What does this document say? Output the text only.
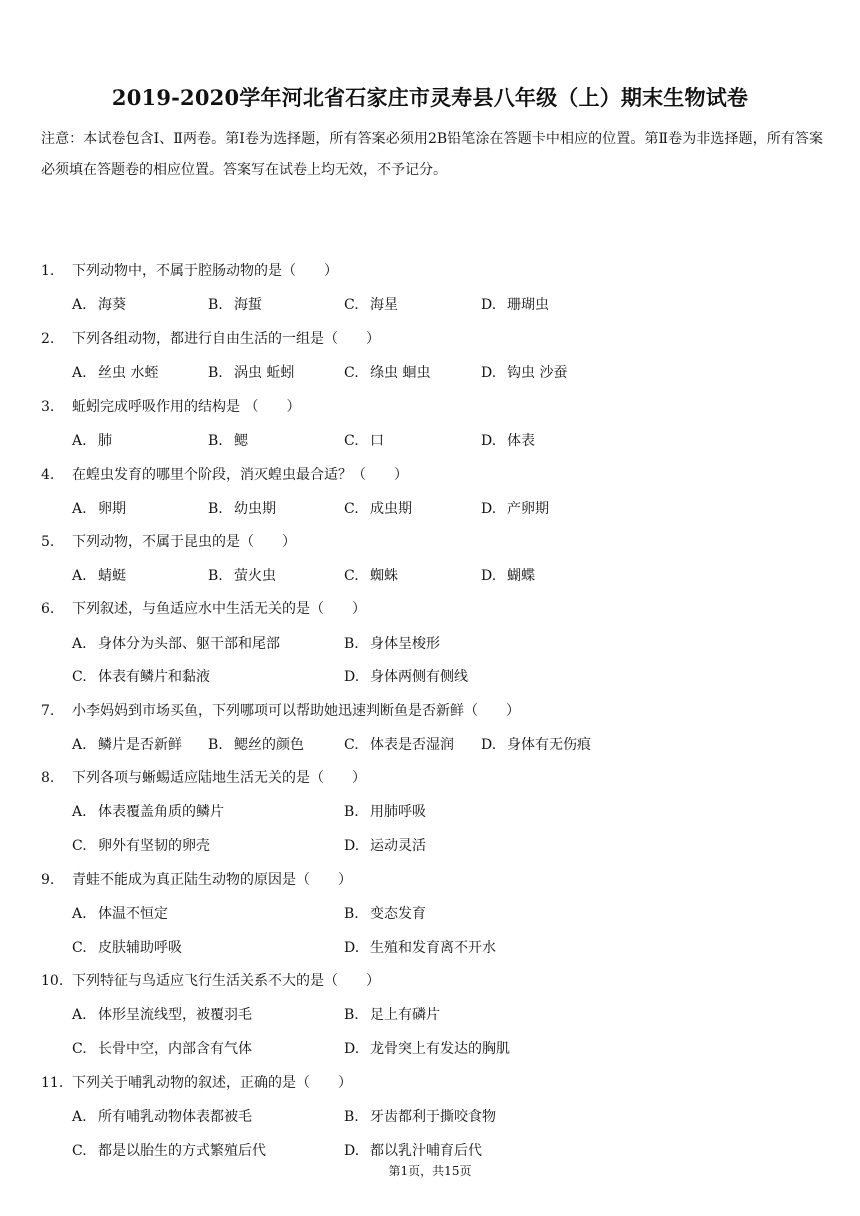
2019-2020学年河北省石家庄市灵寿县八年级（上）期末生物试卷
注意：本试卷包含Ⅰ、Ⅱ两卷。第Ⅰ卷为选择题，所有答案必须用2B铅笔涂在答题卡中相应的位置。第Ⅱ卷为非选择题，所有答案必须填在答题卷的相应位置。答案写在试卷上均无效，不予记分。
1. 下列动物中，不属于腔肠动物的是（　　）
A. 海葵	B. 海蜇	C. 海星	D. 珊瑚虫
2. 下列各组动物，都进行自由生活的一组是（　　）
A. 丝虫 水蛭	B. 涡虫 蚯蚓	C. 绦虫 蛔虫	D. 钩虫 沙蚕
3. 蚯蚓完成呼吸作用的结构是 （　　）
A. 肺	B. 鳃	C. 口	D. 体表
4. 在蝗虫发育的哪里个阶段，消灭蝗虫最合适？（　　）
A. 卵期	B. 幼虫期	C. 成虫期	D. 产卵期
5. 下列动物，不属于昆虫的是（　　）
A. 蜻蜓	B. 萤火虫	C. 蜘蛛	D. 蝴蝶
6. 下列叙述，与鱼适应水中生活无关的是（　　）
A. 身体分为头部、躯干部和尾部	B. 身体呈梭形
C. 体表有鳞片和黏液	D. 身体两侧有侧线
7. 小李妈妈到市场买鱼，下列哪项可以帮助她迅速判断鱼是否新鲜（　　）
A. 鳞片是否新鲜 B. 鳃丝的颜色	C. 体表是否湿润 D. 身体有无伤痕
8. 下列各项与蜥蜴适应陆地生活无关的是（　　）
A. 体表覆盖角质的鳞片	B. 用肺呼吸
C. 卵外有坚韧的卵壳	D. 运动灵活
9. 青蛙不能成为真正陆生动物的原因是（　　）
A. 体温不恒定	B. 变态发育
C. 皮肤辅助呼吸	D. 生殖和发育离不开水
10. 下列特征与鸟适应飞行生活关系不大的是（　　）
A. 体形呈流线型，被覆羽毛	B. 足上有磷片
C. 长骨中空，内部含有气体	D. 龙骨突上有发达的胸肌
11. 下列关于哺乳动物的叙述，正确的是（　　）
A. 所有哺乳动物体表都被毛	B. 牙齿都利于撕咬食物
C. 都是以胎生的方式繁殖后代	D. 都以乳汁哺育后代
第1页，共15页
